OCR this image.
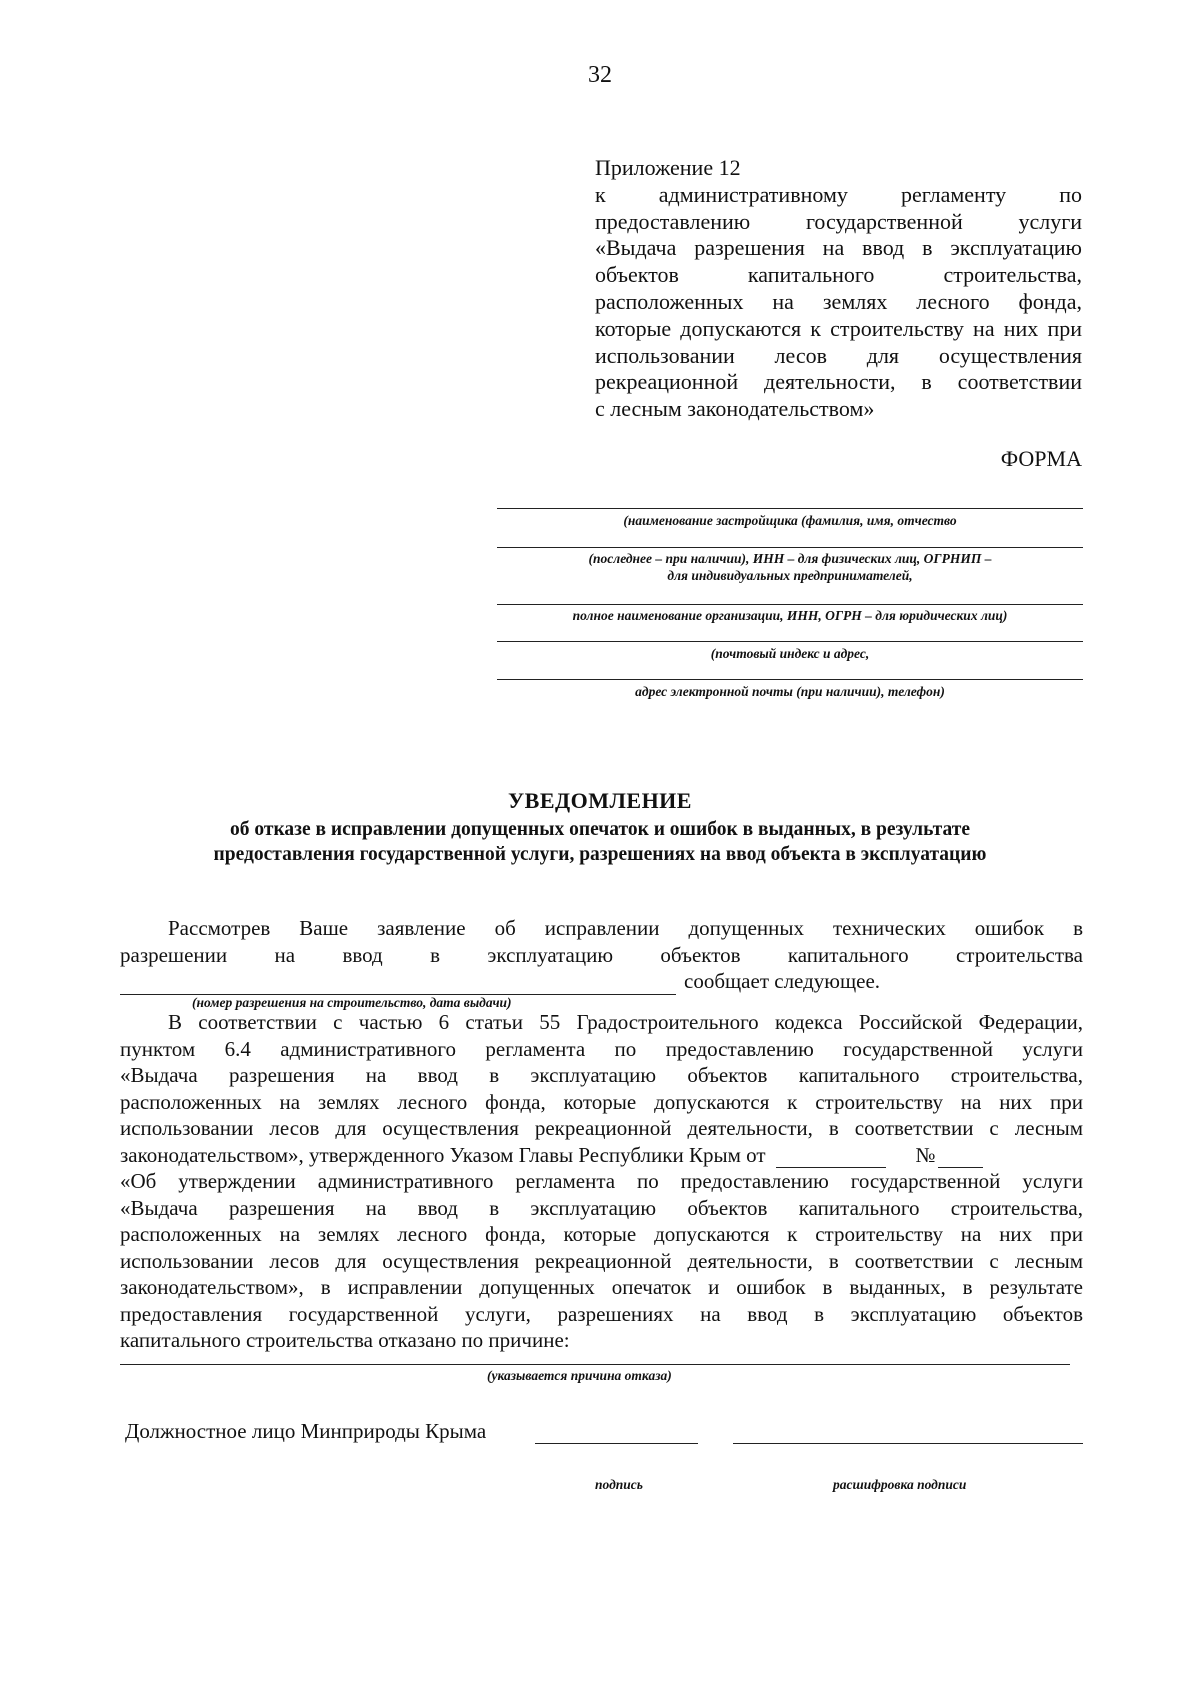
32
Приложение 12
к административному регламенту по
предоставлению государственной услуги
«Выдача разрешения на ввод в эксплуатацию
объектов капитального строительства,
расположенных на землях лесного фонда,
которые допускаются к строительству на них при
использовании лесов для осуществления
рекреационной деятельности, в соответствии
с лесным законодательством»
ФОРМА
(наименование застройщика (фамилия, имя, отчество
(последнее – при наличии), ИНН – для физических лиц, ОГРНИП –
для индивидуальных предпринимателей,
полное наименование организации, ИНН, ОГРН – для юридических лиц)
(почтовый индекс и адрес,
адрес электронной почты (при наличии), телефон)
УВЕДОМЛЕНИЕ
об отказе в исправлении допущенных опечаток и ошибок в выданных, в результате
предоставления государственной услуги, разрешениях на ввод объекта в эксплуатацию
Рассмотрев Ваше заявление об исправлении допущенных технических ошибок в
разрешении на ввод в эксплуатацию объектов капитального строительства
сообщает следующее.
(номер разрешения на строительство, дата выдачи)
В соответствии с частью 6 статьи 55 Градостроительного кодекса Российской Федерации,
пунктом 6.4 административного регламента по предоставлению государственной услуги
«Выдача разрешения на ввод в эксплуатацию объектов капитального строительства,
расположенных на землях лесного фонда, которые допускаются к строительству на них при
использовании лесов для осуществления рекреационной деятельности, в соответствии с лесным
законодательством», утвержденного Указом Главы Республики Крым от	№
«Об утверждении административного регламента по предоставлению государственной услуги
«Выдача разрешения на ввод в эксплуатацию объектов капитального строительства,
расположенных на землях лесного фонда, которые допускаются к строительству на них при
использовании лесов для осуществления рекреационной деятельности, в соответствии с лесным
законодательством», в исправлении допущенных опечаток и ошибок в выданных, в результате
предоставления государственной услуги, разрешениях на ввод в эксплуатацию объектов
капитального строительства отказано по причине:
(указывается причина отказа)
Должностное лицо Минприроды Крыма
подпись	расшифровка подписи
